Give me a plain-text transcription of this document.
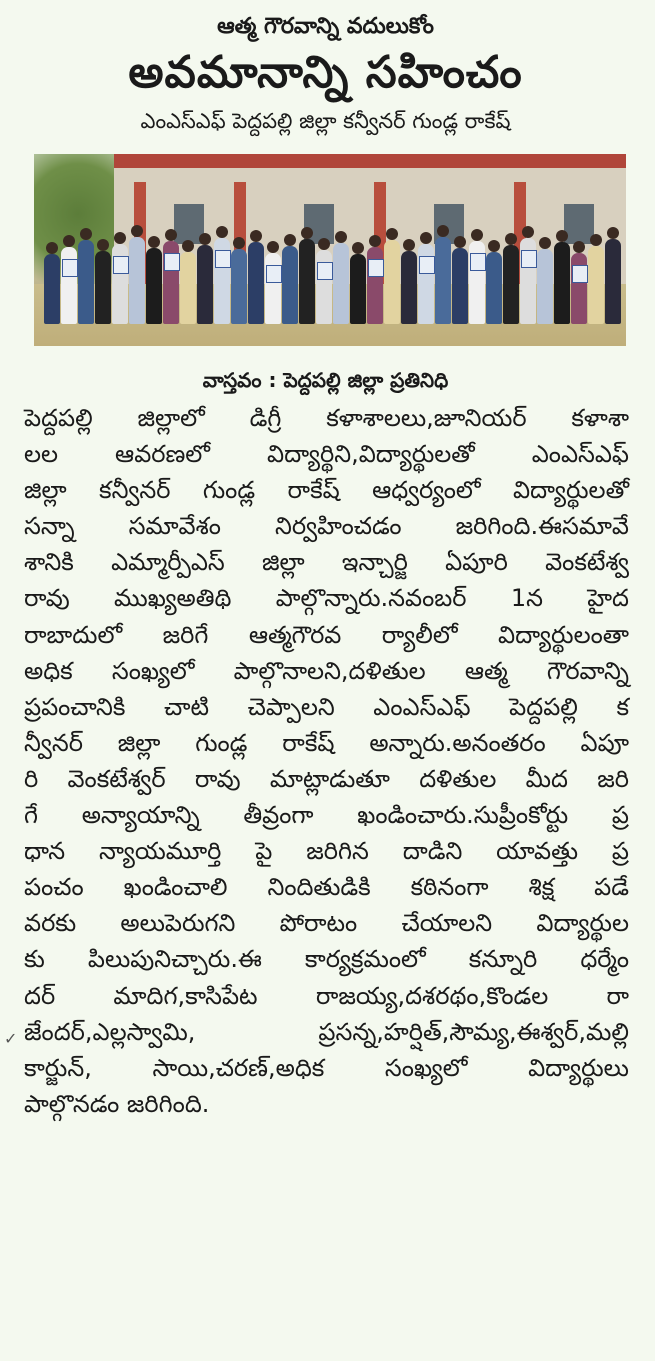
ఆత్మ గౌరవాన్ని వదులుకోం
అవమానాన్ని సహించం
ఎంఎస్ఎఫ్ పెద్దపల్లి జిల్లా కన్వీనర్ గుండ్ల రాకేష్
వాస్తవం : పెద్దపల్లి జిల్లా ప్రతినిధి
పెద్దపల్లి జిల్లాలో డిగ్రీ కళాశాలలు,జూనియర్ కళాశా
లల ఆవరణలో విద్యార్థిని,విద్యార్థులతో ఎంఎస్ఎఫ్
జిల్లా కన్వీనర్ గుండ్ల రాకేష్ ఆధ్వర్యంలో విద్యార్థులతో
సన్నా సమావేశం నిర్వహించడం జరిగింది.ఈసమావే
శానికి ఎమ్మార్పీఎస్ జిల్లా ఇన్చార్జి ఏపూరి వెంకటేశ్వ
రావు ముఖ్యఅతిథి పాల్గొన్నారు.నవంబర్ 1న హైద
రాబాదులో జరిగే ఆత్మగౌరవ ర్యాలీలో విద్యార్థులంతా
అధిక సంఖ్యలో పాల్గొనాలని,దళితుల ఆత్మ గౌరవాన్ని
ప్రపంచానికి చాటి చెప్పాలని ఎంఎస్ఎఫ్ పెద్దపల్లి క
న్వీనర్ జిల్లా గుండ్ల రాకేష్ అన్నారు.అనంతరం ఏపూ
రి వెంకటేశ్వర్ రావు మాట్లాడుతూ దళితుల మీద జరి
గే అన్యాయాన్ని తీవ్రంగా ఖండించారు.సుప్రీంకోర్టు ప్ర
ధాన న్యాయమూర్తి పై జరిగిన దాడిని యావత్తు ప్ర
పంచం ఖండించాలి నిందితుడికి కఠినంగా శిక్ష పడే
వరకు అలుపెరుగని పోరాటం చేయాలని విద్యార్థుల
కు పిలుపునిచ్చారు.ఈ కార్యక్రమంలో కన్నూరి ధర్మేం
దర్ మాదిగ,కాసిపేట రాజయ్య,దశరథం,కొండల రా
జేందర్,ఎల్లస్వామి, ప్రసన్న,హర్షిత్,సౌమ్య,ఈశ్వర్,మల్లి
కార్జున్, సాయి,చరణ్,అధిక సంఖ్యలో విద్యార్థులు
పాల్గొనడం జరిగింది.
✓
